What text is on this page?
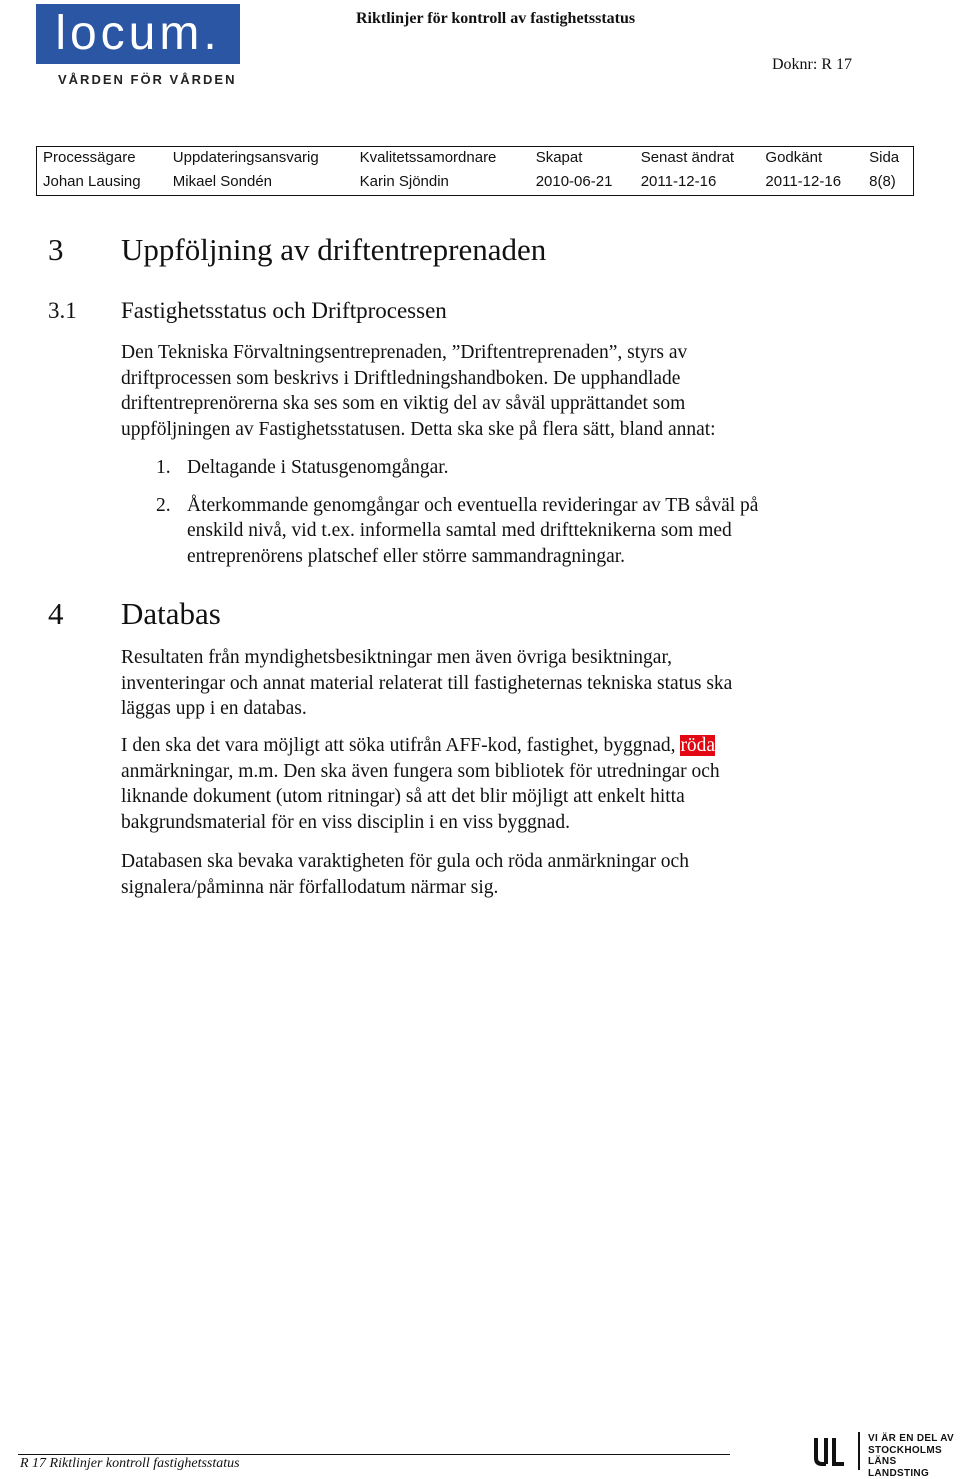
locum.
VÅRDEN FÖR VÅRDEN
Riktlinjer för kontroll av fastighetsstatus
Doknr: R 17
Processägare	Uppdateringsansvarig	Kvalitetssamordnare	Skapat	Senast ändrat	Godkänt	Sida
Johan Lausing	Mikael Sondén	Karin Sjöndin	2010-06-21	2011-12-16	2011-12-16	8(8)
3 Uppföljning av driftentreprenaden
3.1 Fastighetsstatus och Driftprocessen
Den Tekniska Förvaltningsentreprenaden, ”Driftentreprenaden”, styrs av
driftprocessen som beskrivs i Driftledningshandboken. De upphandlade
driftentreprenörerna ska ses som en viktig del av såväl upprättandet som
uppföljningen av Fastighetsstatusen. Detta ska ske på flera sätt, bland annat:
1. Deltagande i Statusgenomgångar.
2. Återkommande genomgångar och eventuella revideringar av TB såväl på
enskild nivå, vid t.ex. informella samtal med driftteknikerna som med
entreprenörens platschef eller större sammandragningar.
4 Databas
Resultaten från myndighetsbesiktningar men även övriga besiktningar,
inventeringar och annat material relaterat till fastigheternas tekniska status ska
läggas upp i en databas.
I den ska det vara möjligt att söka utifrån AFF-kod, fastighet, byggnad, röda
anmärkningar, m.m. Den ska även fungera som bibliotek för utredningar och
liknande dokument (utom ritningar) så att det blir möjligt att enkelt hitta
bakgrundsmaterial för en viss disciplin i en viss byggnad.
Databasen ska bevaka varaktigheten för gula och röda anmärkningar och
signalera/påminna när förfallodatum närmar sig.
R 17 Riktlinjer kontroll fastighetsstatus
VI ÄR EN DEL AV
STOCKHOLMS
LÄNS LANDSTING
